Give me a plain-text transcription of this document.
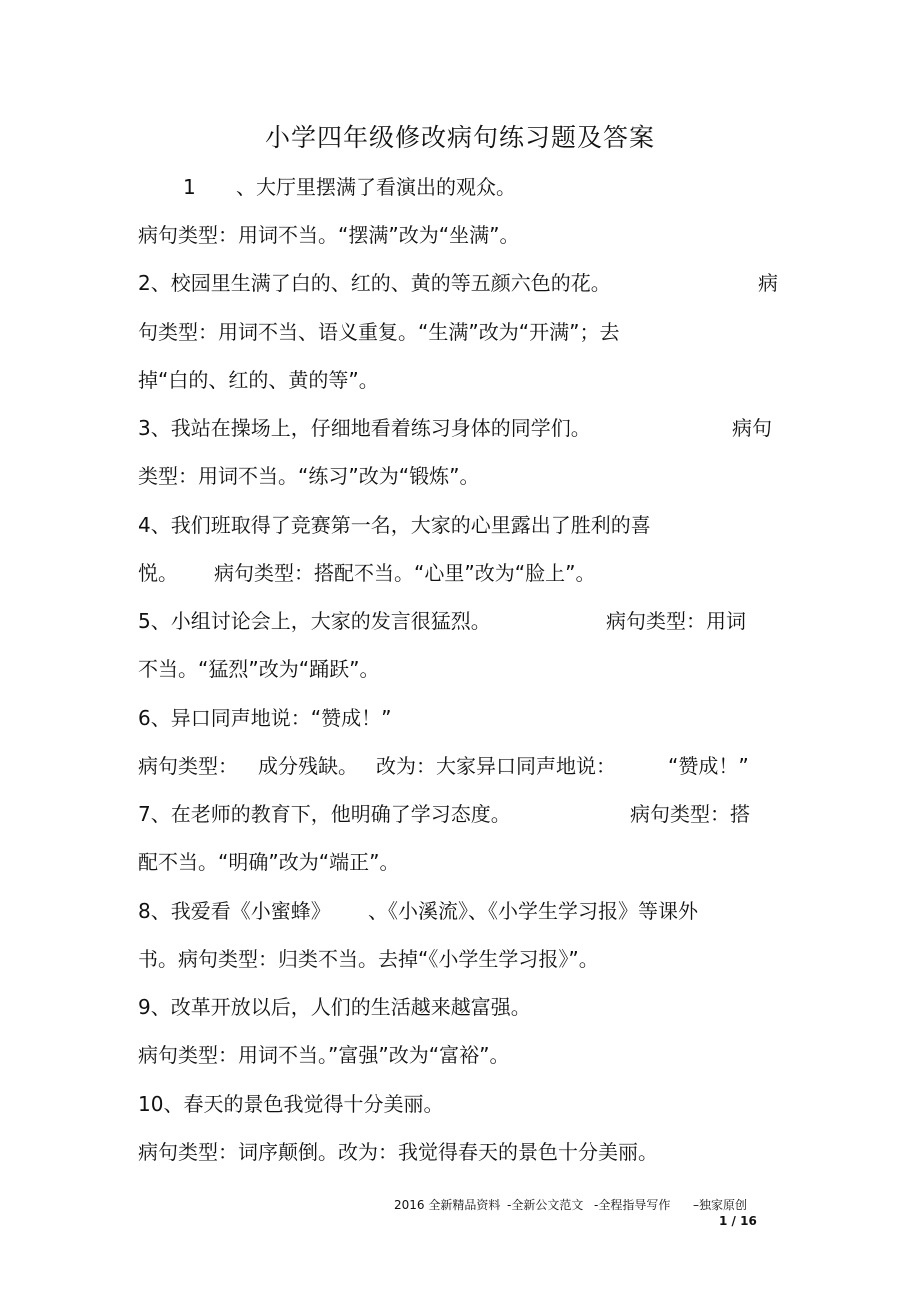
小学四年级修改病句练习题及答案
1 、大厅里摆满了看演出的观众。
病句类型：用词不当。“摆满”改为“坐满”。
2、校园里生满了白的、红的、黄的等五颜六色的花。	病
句类型：用词不当、语义重复。“生满”改为“开满”；去
掉“白的、红的、黄的等”。
3、我站在操场上，仔细地看着练习身体的同学们。	病句
类型：用词不当。“练习”改为“锻炼”。
4、我们班取得了竞赛第一名，大家的心里露出了胜利的喜
悦。 病句类型：搭配不当。“心里”改为“脸上”。
5、小组讨论会上，大家的发言很猛烈。	病句类型：用词
不当。“猛烈”改为“踊跃”。
6、异口同声地说：“赞成！”
病句类型： 成分残缺。 改为：大家异口同声地说：	“赞成！”
7、在老师的教育下，他明确了学习态度。	病句类型：搭
配不当。“明确”改为“端正”。
8、我爱看《小蜜蜂》 、《小溪流》、《小学生学习报》等课外
书。病句类型：归类不当。去掉“《小学生学习报》”。
9、改革开放以后，人们的生活越来越富强。
病句类型：用词不当。”富强”改为“富裕”。
10、春天的景色我觉得十分美丽。
病句类型：词序颠倒。改为：我觉得春天的景色十分美丽。
2016 全新精品资料 -全新公文范文 -全程指导写作 –独家原创
1 / 16
